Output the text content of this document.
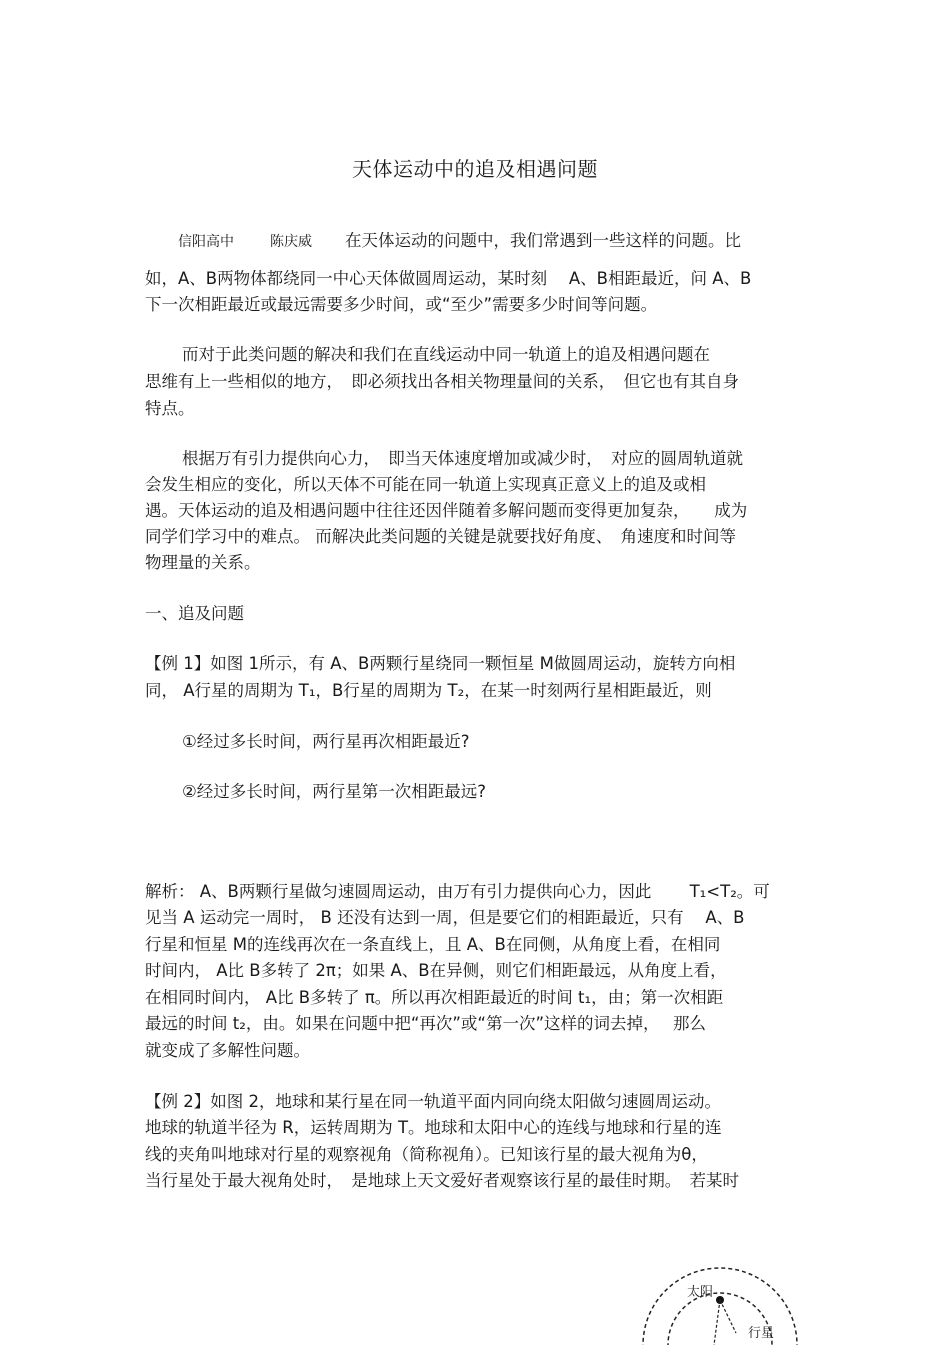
天体运动中的追及相遇问题
信阳高中	陈庆威	在天体运动的问题中，我们常遇到一些这样的问题。比
如，A、B两物体都绕同一中心天体做圆周运动，某时刻　 A、B相距最近，问 A、B
下一次相距最近或最远需要多少时间，或“至少”需要多少时间等问题。
而对于此类问题的解决和我们在直线运动中同一轨道上的追及相遇问题在
思维有上一些相似的地方，　即必须找出各相关物理量间的关系，　但它也有其自身
特点。
根据万有引力提供向心力，　即当天体速度增加或减少时，　对应的圆周轨道就
会发生相应的变化，所以天体不可能在同一轨道上实现真正意义上的追及或相
遇。天体运动的追及相遇问题中往往还因伴随着多解问题而变得更加复杂，　　成为
同学们学习中的难点。 而解决此类问题的关键是就要找好角度、　角速度和时间等
物理量的关系。
一、追及问题
【例 1】如图 1所示，有 A、B两颗行星绕同一颗恒星 M做圆周运动，旋转方向相
同， A行星的周期为 T₁，B行星的周期为 T₂，在某一时刻两行星相距最近，则
①经过多长时间，两行星再次相距最近?
②经过多长时间，两行星第一次相距最远?
解析： A、B两颗行星做匀速圆周运动，由万有引力提供向心力，因此　　 T₁<T₂。可
见当 A 运动完一周时， B 还没有达到一周，但是要它们的相距最近，只有　 A、B
行星和恒星 M的连线再次在一条直线上，且 A、B在同侧，从角度上看，在相同
时间内， A比 B多转了 2π；如果 A、B在异侧，则它们相距最远，从角度上看，
在相同时间内， A比 B多转了 π。所以再次相距最近的时间 t₁，由；第一次相距
最远的时间 t₂，由。如果在问题中把“再次”或“第一次”这样的词去掉，　 那么
就变成了多解性问题。
【例 2】如图 2，地球和某行星在同一轨道平面内同向绕太阳做匀速圆周运动。
地球的轨道半径为 R，运转周期为 T。地球和太阳中心的连线与地球和行星的连
线的夹角叫地球对行星的观察视角（简称视角）。已知该行星的最大视角为θ，
当行星处于最大视角处时，　是地球上天文爱好者观察该行星的最佳时期。　若某时
太阳
行星
